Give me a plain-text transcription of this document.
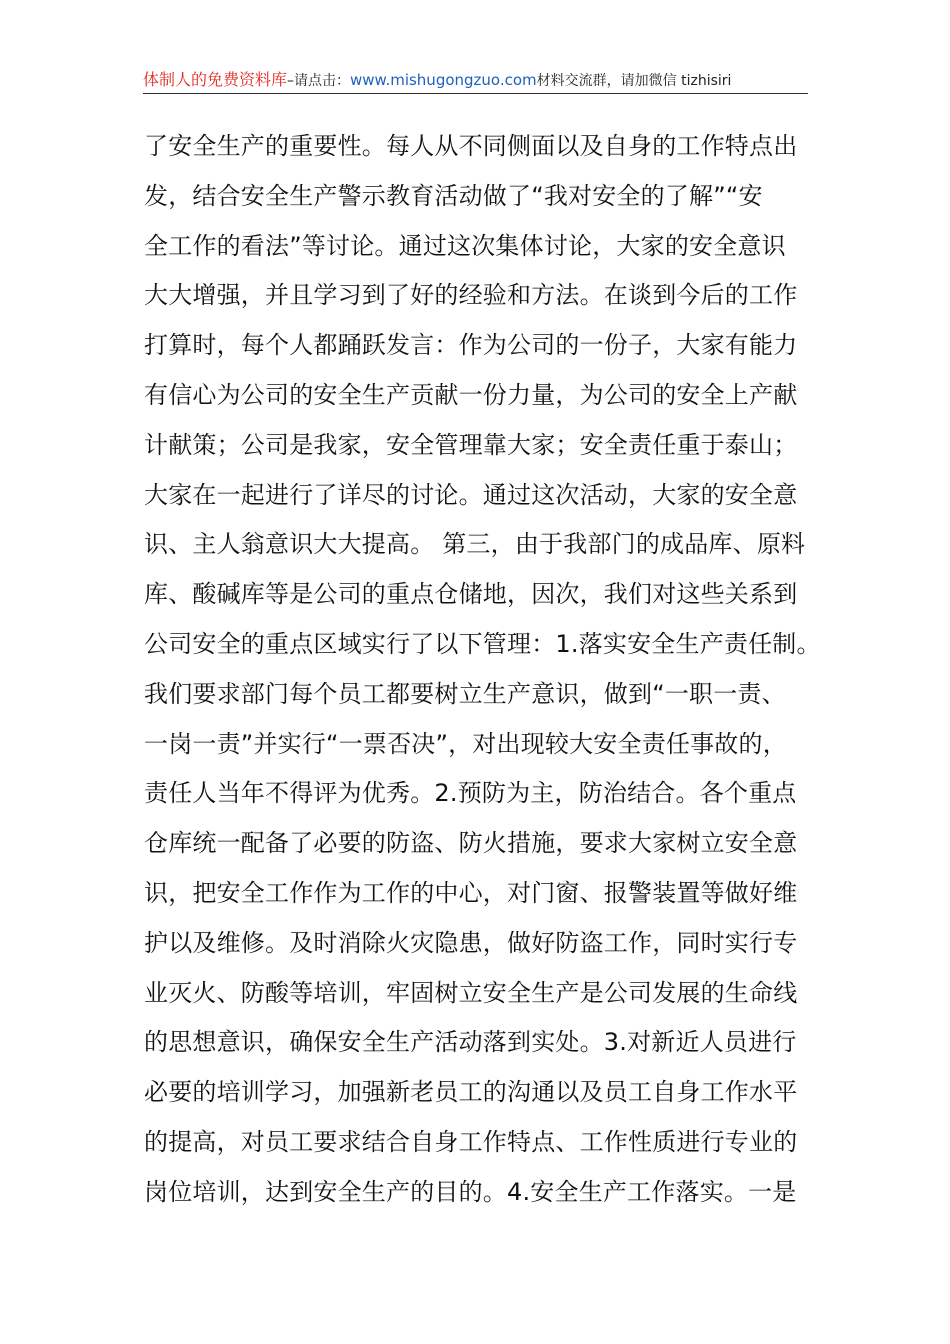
体制人的免费资料库–请点击：www.mishugongzuo.com材料交流群，请加微信 tizhisiri
了安全生产的重要性。每人从不同侧面以及自身的工作特点出
发，结合安全生产警示教育活动做了“我对安全的了解”“安
全工作的看法”等讨论。通过这次集体讨论，大家的安全意识
大大增强，并且学习到了好的经验和方法。在谈到今后的工作
打算时，每个人都踊跃发言：作为公司的一份子，大家有能力
有信心为公司的安全生产贡献一份力量，为公司的安全上产献
计献策；公司是我家，安全管理靠大家；安全责任重于泰山；
大家在一起进行了详尽的讨论。通过这次活动，大家的安全意
识、主人翁意识大大提高。 第三，由于我部门的成品库、原料
库、酸碱库等是公司的重点仓储地，因次，我们对这些关系到
公司安全的重点区域实行了以下管理：1.落实安全生产责任制。
我们要求部门每个员工都要树立生产意识，做到“一职一责、
一岗一责”并实行“一票否决”，对出现较大安全责任事故的，
责任人当年不得评为优秀。2.预防为主，防治结合。各个重点
仓库统一配备了必要的防盗、防火措施，要求大家树立安全意
识，把安全工作作为工作的中心，对门窗、报警装置等做好维
护以及维修。及时消除火灾隐患，做好防盗工作，同时实行专
业灭火、防酸等培训，牢固树立安全生产是公司发展的生命线
的思想意识，确保安全生产活动落到实处。3.对新近人员进行
必要的培训学习，加强新老员工的沟通以及员工自身工作水平
的提高，对员工要求结合自身工作特点、工作性质进行专业的
岗位培训，达到安全生产的目的。4.安全生产工作落实。一是
